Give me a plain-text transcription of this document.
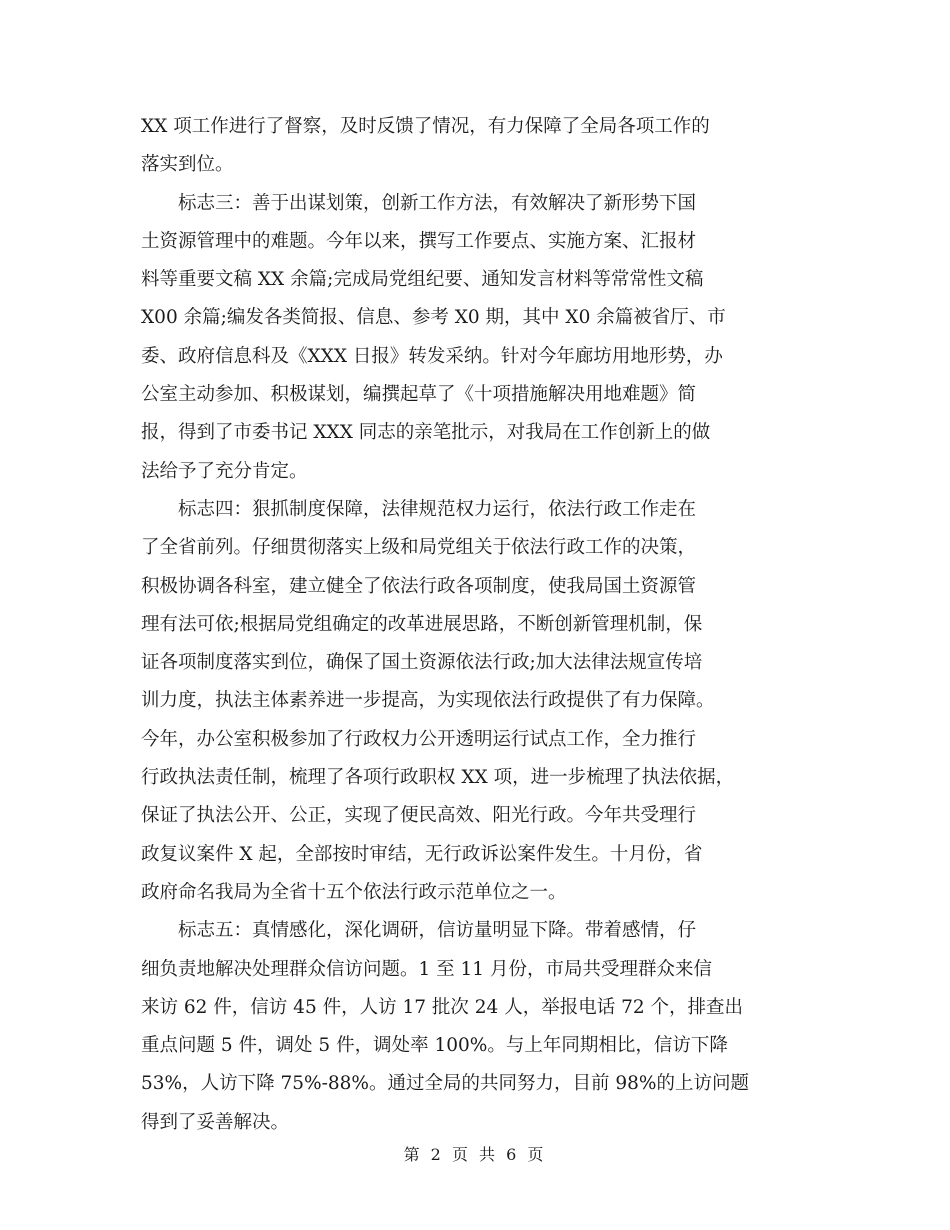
XX 项工作进行了督察，及时反馈了情况，有力保障了全局各项工作的
落实到位。
标志三：善于出谋划策，创新工作方法，有效解决了新形势下国
土资源管理中的难题。今年以来，撰写工作要点、实施方案、汇报材
料等重要文稿 XX 余篇;完成局党组纪要、通知发言材料等常常性文稿
X00 余篇;编发各类简报、信息、参考 X0 期，其中 X0 余篇被省厅、市
委、政府信息科及《XXX 日报》转发采纳。针对今年廊坊用地形势，办
公室主动参加、积极谋划，编撰起草了《十项措施解决用地难题》简
报，得到了市委书记 XXX 同志的亲笔批示，对我局在工作创新上的做
法给予了充分肯定。
标志四：狠抓制度保障，法律规范权力运行，依法行政工作走在
了全省前列。仔细贯彻落实上级和局党组关于依法行政工作的决策，
积极协调各科室，建立健全了依法行政各项制度，使我局国土资源管
理有法可依;根据局党组确定的改革进展思路，不断创新管理机制，保
证各项制度落实到位，确保了国土资源依法行政;加大法律法规宣传培
训力度，执法主体素养进一步提高，为实现依法行政提供了有力保障。
今年，办公室积极参加了行政权力公开透明运行试点工作，全力推行
行政执法责任制，梳理了各项行政职权 XX 项，进一步梳理了执法依据，
保证了执法公开、公正，实现了便民高效、阳光行政。今年共受理行
政复议案件 X 起，全部按时审结，无行政诉讼案件发生。十月份，省
政府命名我局为全省十五个依法行政示范单位之一。
标志五：真情感化，深化调研，信访量明显下降。带着感情，仔
细负责地解决处理群众信访问题。1 至 11 月份，市局共受理群众来信
来访 62 件，信访 45 件，人访 17 批次 24 人，举报电话 72 个，排查出
重点问题 5 件，调处 5 件，调处率 100%。与上年同期相比，信访下降
53%，人访下降 75%-88%。通过全局的共同努力，目前 98%的上访问题
得到了妥善解决。
第 2 页 共 6 页
